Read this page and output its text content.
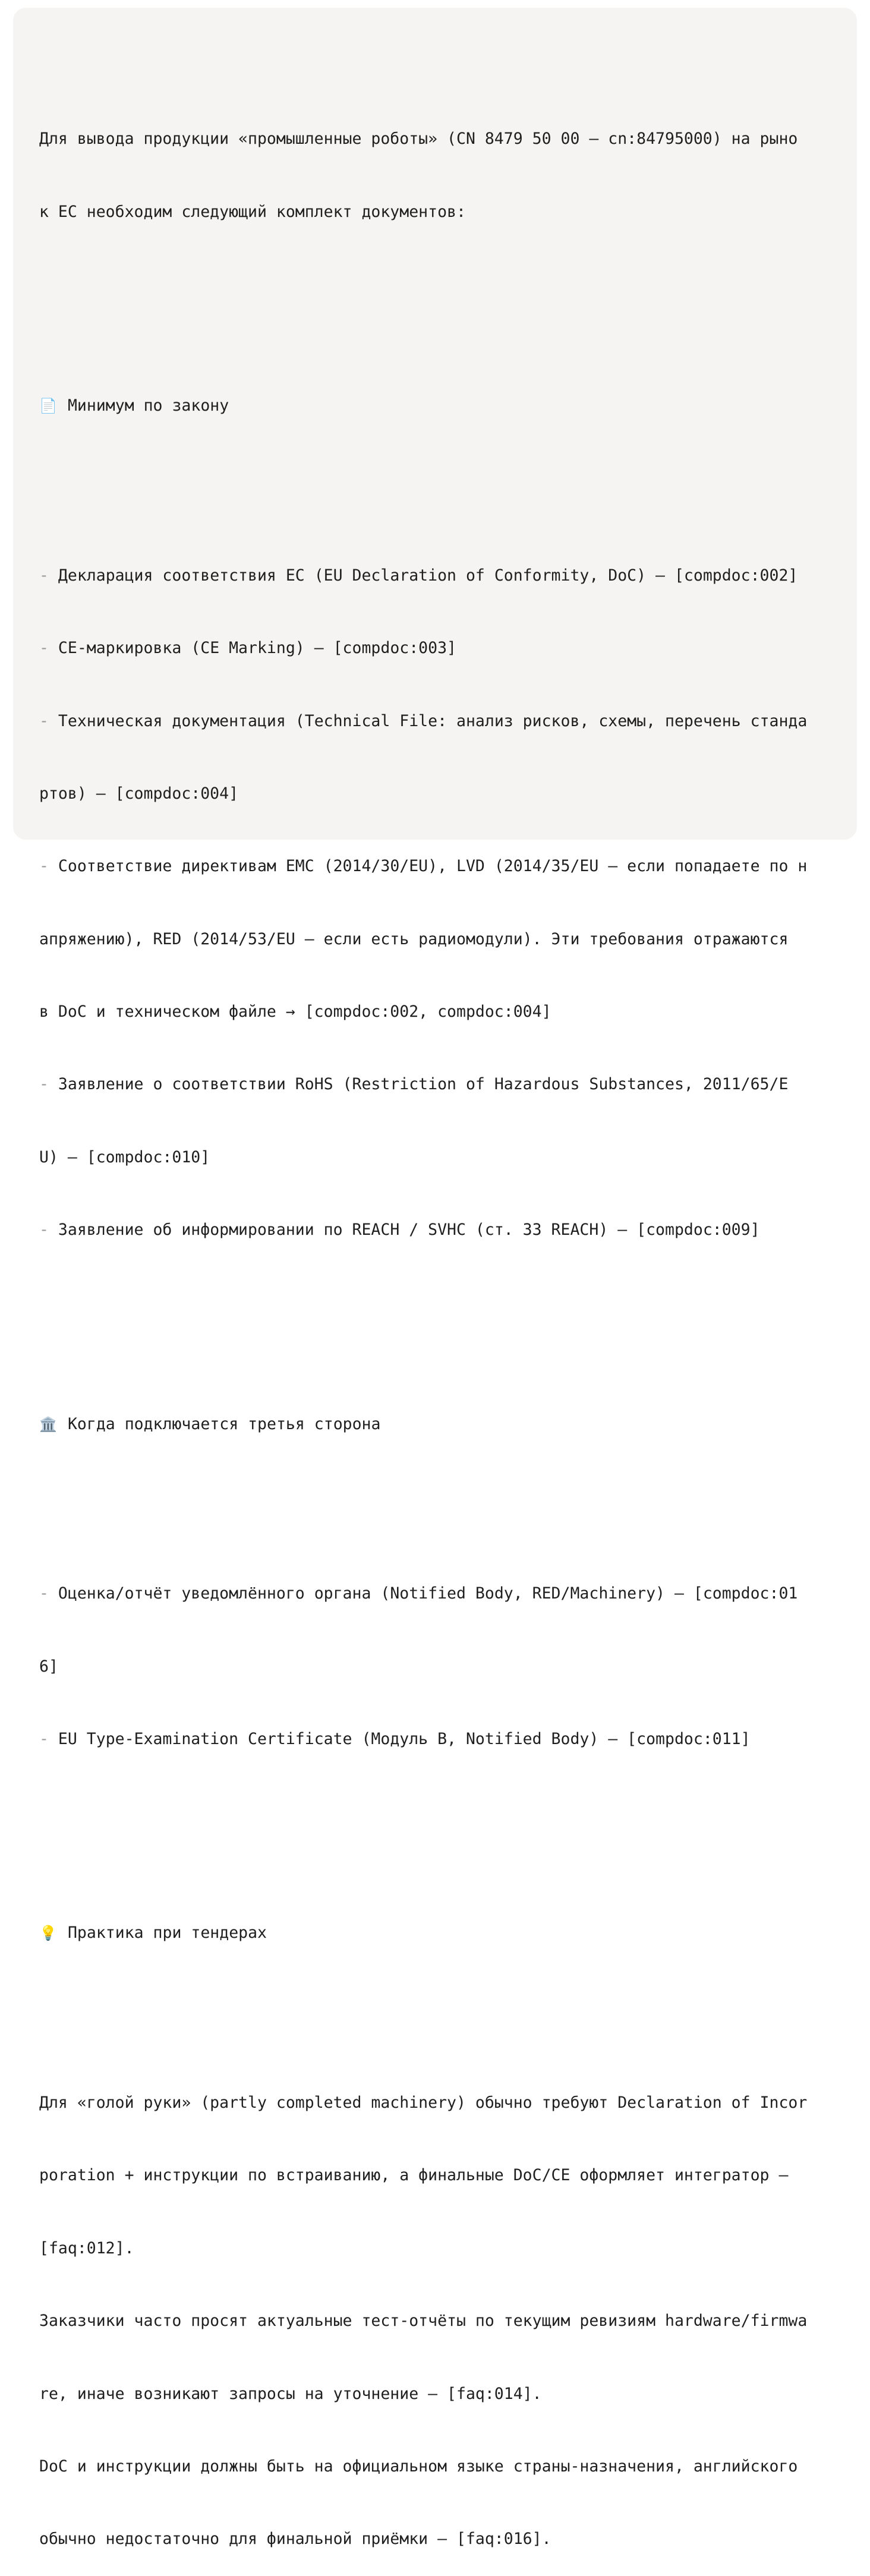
Для вывода продукции «промышленные роботы» (CN 8479 50 00 — cn:84795000) на рыно

к ЕС необходим следующий комплект документов:

📄 Минимум по закону

- Декларация соответствия ЕС (EU Declaration of Conformity, DoC) — [compdoc:002]

- CE-маркировка (CE Marking) — [compdoc:003]

- Техническая документация (Technical File: анализ рисков, схемы, перечень станда

ртов) — [compdoc:004]

- Соответствие директивам EMC (2014/30/EU), LVD (2014/35/EU — если попадаете по н

апряжению), RED (2014/53/EU — если есть радиомодули). Эти требования отражаются

в DoC и техническом файле → [compdoc:002, compdoc:004]

- Заявление о соответствии RoHS (Restriction of Hazardous Substances, 2011/65/E

U) — [compdoc:010]

- Заявление об информировании по REACH / SVHC (ст. 33 REACH) — [compdoc:009]

🏛️ Когда подключается третья сторона

- Оценка/отчёт уведомлённого органа (Notified Body, RED/Machinery) — [compdoc:01

6]

- EU Type-Examination Certificate (Модуль B, Notified Body) — [compdoc:011]

💡 Практика при тендерах

Для «голой руки» (partly completed machinery) обычно требуют Declaration of Incor

poration + инструкции по встраиванию, а финальные DoC/CE оформляет интегратор —

[faq:012].

Заказчики часто просят актуальные тест-отчёты по текущим ревизиям hardware/firmwa

re, иначе возникают запросы на уточнение — [faq:014].

DoC и инструкции должны быть на официальном языке страны-назначения, английского

обычно недостаточно для финальной приёмки — [faq:016].
